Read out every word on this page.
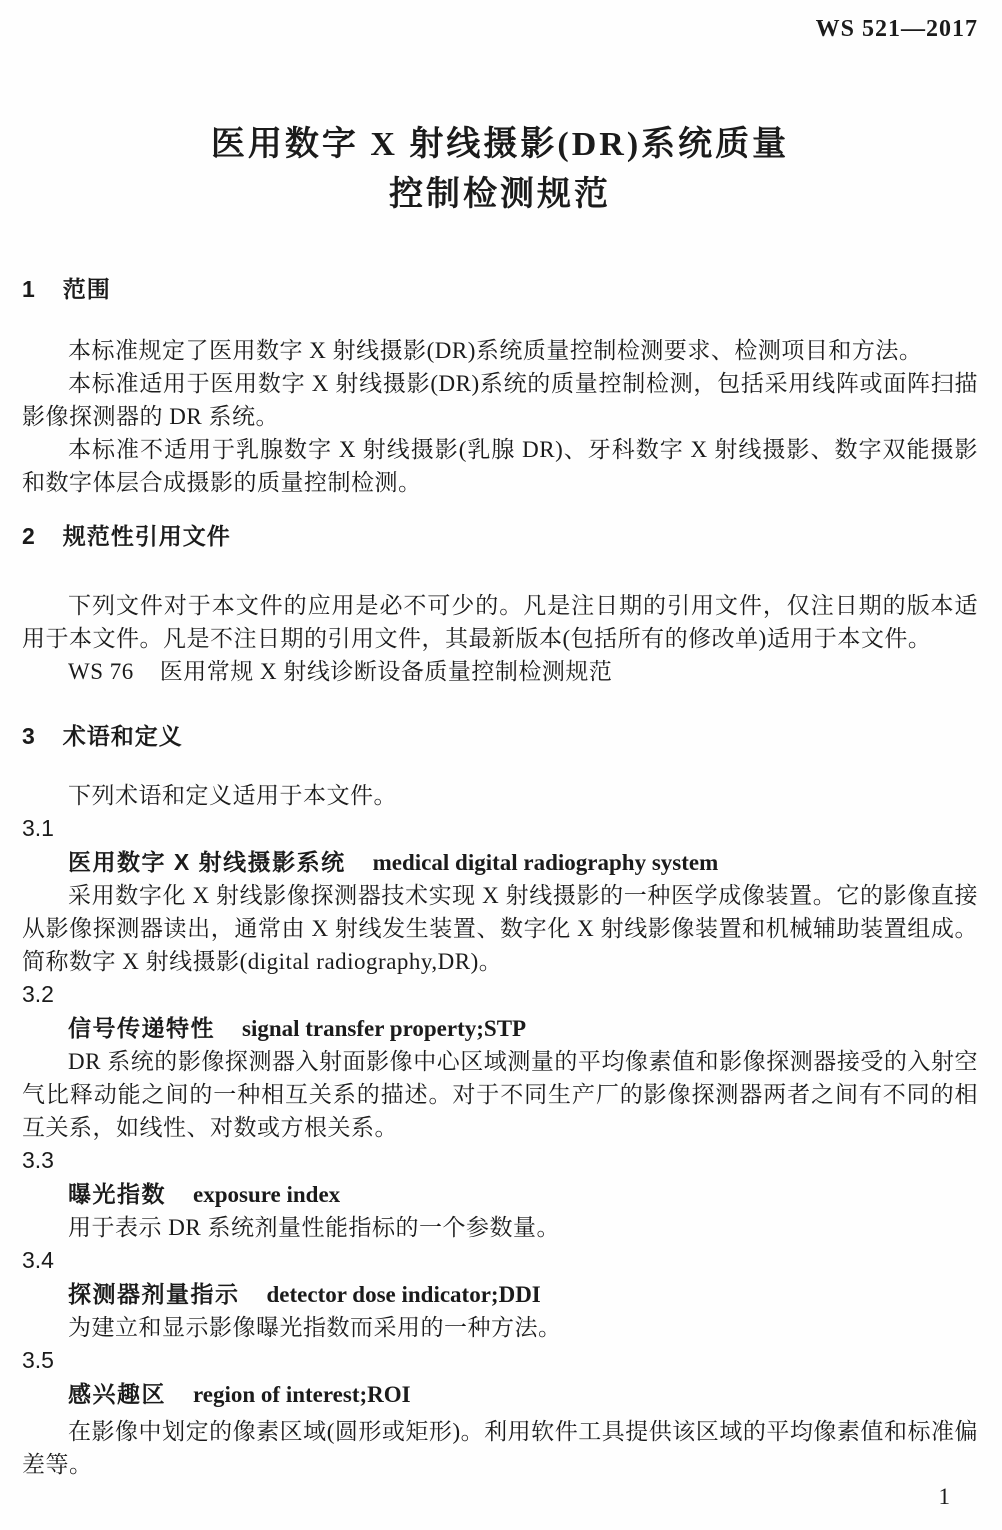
WS 521—2017
医用数字 X 射线摄影(DR)系统质量
控制检测规范
1 范围

本标准规定了医用数字 X 射线摄影(DR)系统质量控制检测要求、检测项目和方法。

本标准适用于医用数字 X 射线摄影(DR)系统的质量控制检测，包括采用线阵或面阵扫描影像探测器的 DR 系统。

本标准不适用于乳腺数字 X 射线摄影(乳腺 DR)、牙科数字 X 射线摄影、数字双能摄影和数字体层合成摄影的质量控制检测。

2 规范性引用文件

下列文件对于本文件的应用是必不可少的。凡是注日期的引用文件，仅注日期的版本适用于本文件。凡是不注日期的引用文件，其最新版本(包括所有的修改单)适用于本文件。

WS 76 医用常规 X 射线诊断设备质量控制检测规范

3 术语和定义

下列术语和定义适用于本文件。

3.1
医用数字 X 射线摄影系统 medical digital radiography system

采用数字化 X 射线影像探测器技术实现 X 射线摄影的一种医学成像装置。它的影像直接从影像探测器读出，通常由 X 射线发生装置、数字化 X 射线影像装置和机械辅助装置组成。简称数字 X 射线摄影(digital radiography,DR)。

3.2
信号传递特性 signal transfer property;STP

DR 系统的影像探测器入射面影像中心区域测量的平均像素值和影像探测器接受的入射空气比释动能之间的一种相互关系的描述。对于不同生产厂的影像探测器两者之间有不同的相互关系，如线性、对数或方根关系。

3.3
曝光指数 exposure index

用于表示 DR 系统剂量性能指标的一个参数量。

3.4
探测器剂量指示 detector dose indicator;DDI

为建立和显示影像曝光指数而采用的一种方法。

3.5
感兴趣区 region of interest;ROI

在影像中划定的像素区域(圆形或矩形)。利用软件工具提供该区域的平均像素值和标准偏差等。

1
